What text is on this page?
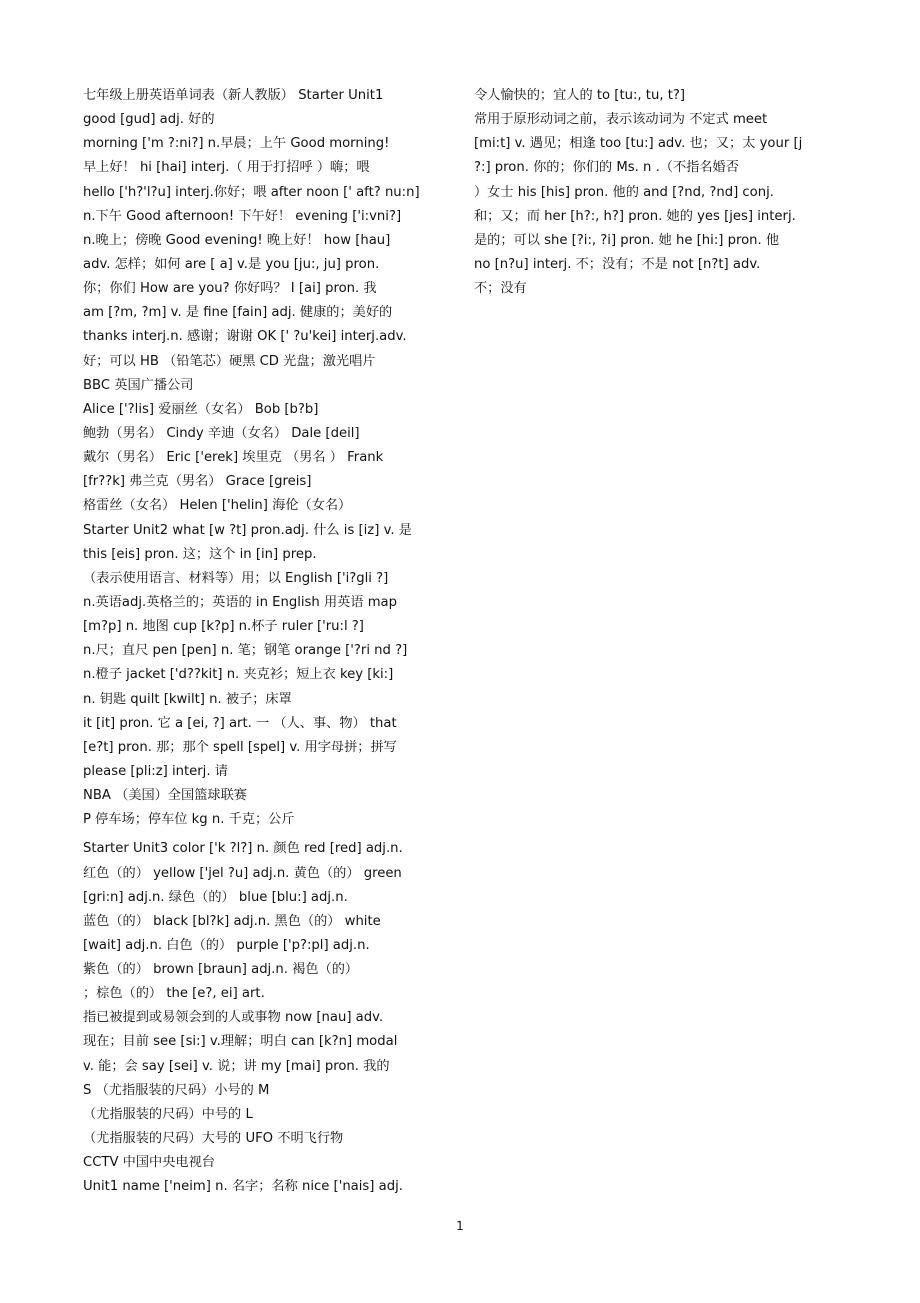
七年级上册英语单词表（新人教版） Starter Unit1
good [gud] adj. 好的
morning ['m ?:ni?] n.早晨；上午 Good morning!
早上好！ hi [hai] interj.（ 用于打招呼 ）嗨；喂
hello ['h?'l?u] interj.你好；喂 after noon [' aft? nu:n]
n.下午 Good afternoon! 下午好！ evening ['i:vni?]
n.晚上；傍晚 Good evening! 晚上好！ how [hau]
adv. 怎样；如何 are [ a] v.是 you [ju:, ju] pron.
你；你们 How are you? 你好吗？ I [ai] pron. 我
am [?m, ?m] v. 是 fine [fain] adj. 健康的；美好的
thanks interj.n. 感谢；谢谢 OK [' ?u'kei] interj.adv.
好；可以 HB （铅笔芯）硬黑 CD 光盘；激光唱片
BBC 英国广播公司
Alice ['?lis] 爱丽丝（女名） Bob [b?b]
鲍勃（男名） Cindy 辛迪（女名） Dale [deil]
戴尔（男名） Eric ['erek] 埃里克 （男名 ） Frank
[fr??k] 弗兰克（男名） Grace [greis]
格雷丝（女名） Helen ['helin] 海伦（女名）
Starter Unit2 what [w ?t] pron.adj. 什么 is [iz] v. 是
this [eis] pron. 这；这个 in [in] prep.
（表示使用语言、材料等）用；以 English ['i?gli ?]
n.英语adj.英格兰的；英语的 in English 用英语 map
[m?p] n. 地图 cup [k?p] n.杯子 ruler ['ru:l ?]
n.尺；直尺 pen [pen] n. 笔；钢笔 orange ['?ri nd ?]
n.橙子 jacket ['d??kit] n. 夹克衫；短上衣 key [ki:]
n. 钥匙 quilt [kwilt] n. 被子；床罩
it [it] pron. 它 a [ei, ?] art. 一 （人、事、物） that
[e?t] pron. 那；那个 spell [spel] v. 用字母拼；拼写
please [pli:z] interj. 请
NBA （美国）全国篮球联赛
P 停车场；停车位 kg n. 千克；公斤
Starter Unit3 color ['k ?l?] n. 颜色 red [red] adj.n.
红色（的） yellow ['jel ?u] adj.n. 黄色（的） green
[gri:n] adj.n. 绿色（的） blue [blu:] adj.n.
蓝色（的） black [bl?k] adj.n. 黑色（的） white
[wait] adj.n. 白色（的） purple ['p?:pl] adj.n.
紫色（的） brown [braun] adj.n. 褐色（的）
；棕色（的） the [e?, ei] art.
指已被提到或易领会到的人或事物 now [nau] adv.
现在；目前 see [si:] v.理解；明白 can [k?n] modal
v. 能；会 say [sei] v. 说；讲 my [mai] pron. 我的
S （尤指服装的尺码）小号的 M
（尤指服装的尺码）中号的 L
（尤指服装的尺码）大号的 UFO 不明飞行物
CCTV 中国中央电视台
Unit1 name ['neim] n. 名字；名称 nice ['nais] adj.
令人愉快的；宜人的 to [tu:, tu, t?]
常用于原形动词之前，表示该动词为 不定式 meet
[mi:t] v. 遇见；相逢 too [tu:] adv. 也；又；太 your [j
?:] pron. 你的；你们的 Ms. n .（不指名婚否
）女士 his [his] pron. 他的 and [?nd, ?nd] conj.
和；又；而 her [h?:, h?] pron. 她的 yes [jes] interj.
是的；可以 she [?i:, ?i] pron. 她 he [hi:] pron. 他
no [n?u] interj. 不；没有；不是 not [n?t] adv.
不；没有
1
